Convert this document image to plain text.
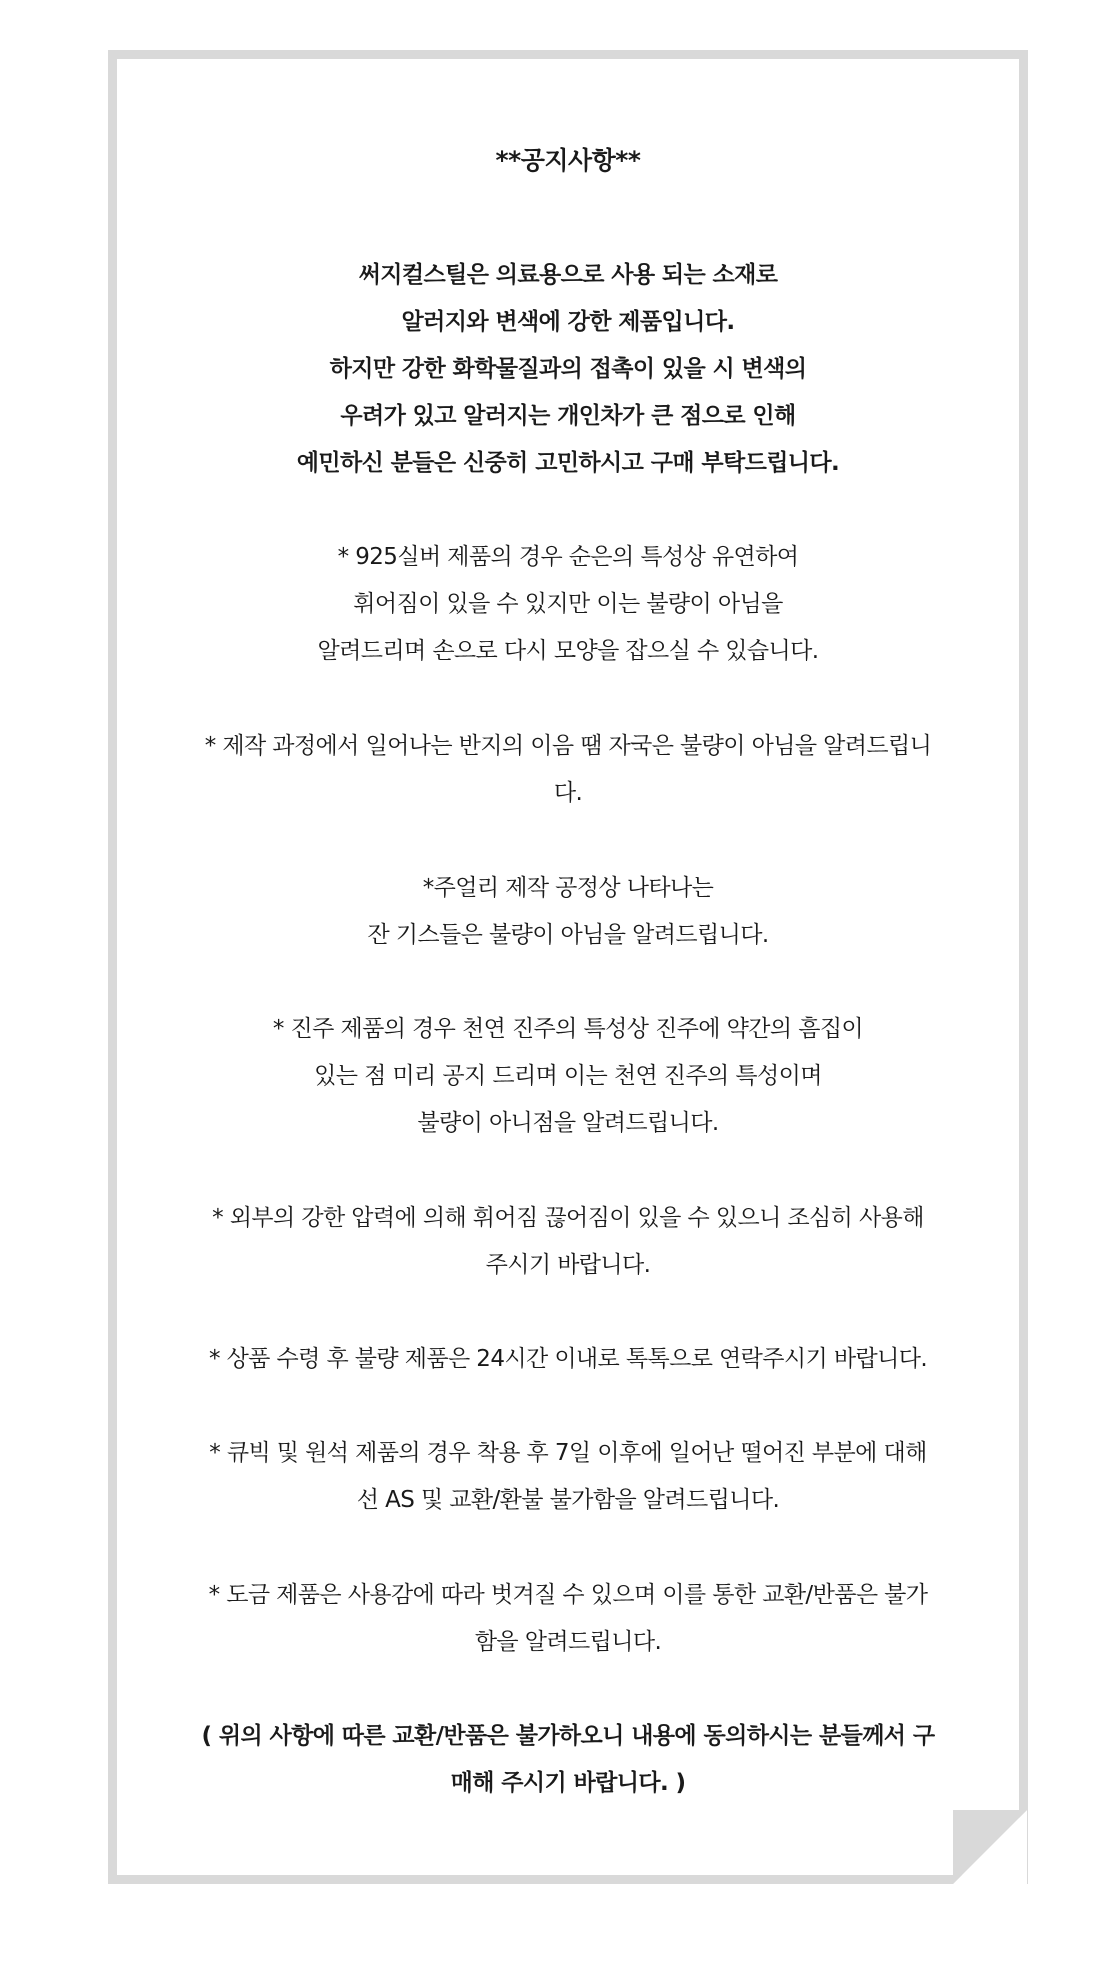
**공지사항**
써지컬스틸은 의료용으로 사용 되는 소재로
알러지와 변색에 강한 제품입니다.
하지만 강한 화학물질과의 접촉이 있을 시 변색의
우려가 있고 알러지는 개인차가 큰 점으로 인해
예민하신 분들은 신중히 고민하시고 구매 부탁드립니다.
* 925실버 제품의 경우 순은의 특성상 유연하여
휘어짐이 있을 수 있지만 이는 불량이 아님을
알려드리며 손으로 다시 모양을 잡으실 수 있습니다.
* 제작 과정에서 일어나는 반지의 이음 땜 자국은 불량이 아님을 알려드립니
다.
*주얼리 제작 공정상 나타나는
잔 기스들은 불량이 아님을 알려드립니다.
* 진주 제품의 경우 천연 진주의 특성상 진주에 약간의 흠집이
있는 점 미리 공지 드리며 이는 천연 진주의 특성이며
불량이 아니점을 알려드립니다.
* 외부의 강한 압력에 의해 휘어짐 끊어짐이 있을 수 있으니 조심히 사용해
주시기 바랍니다.
* 상품 수령 후 불량 제품은 24시간 이내로 톡톡으로 연락주시기 바랍니다.
* 큐빅 및 원석 제품의 경우 착용 후 7일 이후에 일어난 떨어진 부분에 대해
선 AS 및 교환/환불 불가함을 알려드립니다.
* 도금 제품은 사용감에 따라 벗겨질 수 있으며 이를 통한 교환/반품은 불가
함을 알려드립니다.
( 위의 사항에 따른 교환/반품은 불가하오니 내용에 동의하시는 분들께서 구
매해 주시기 바랍니다. )
